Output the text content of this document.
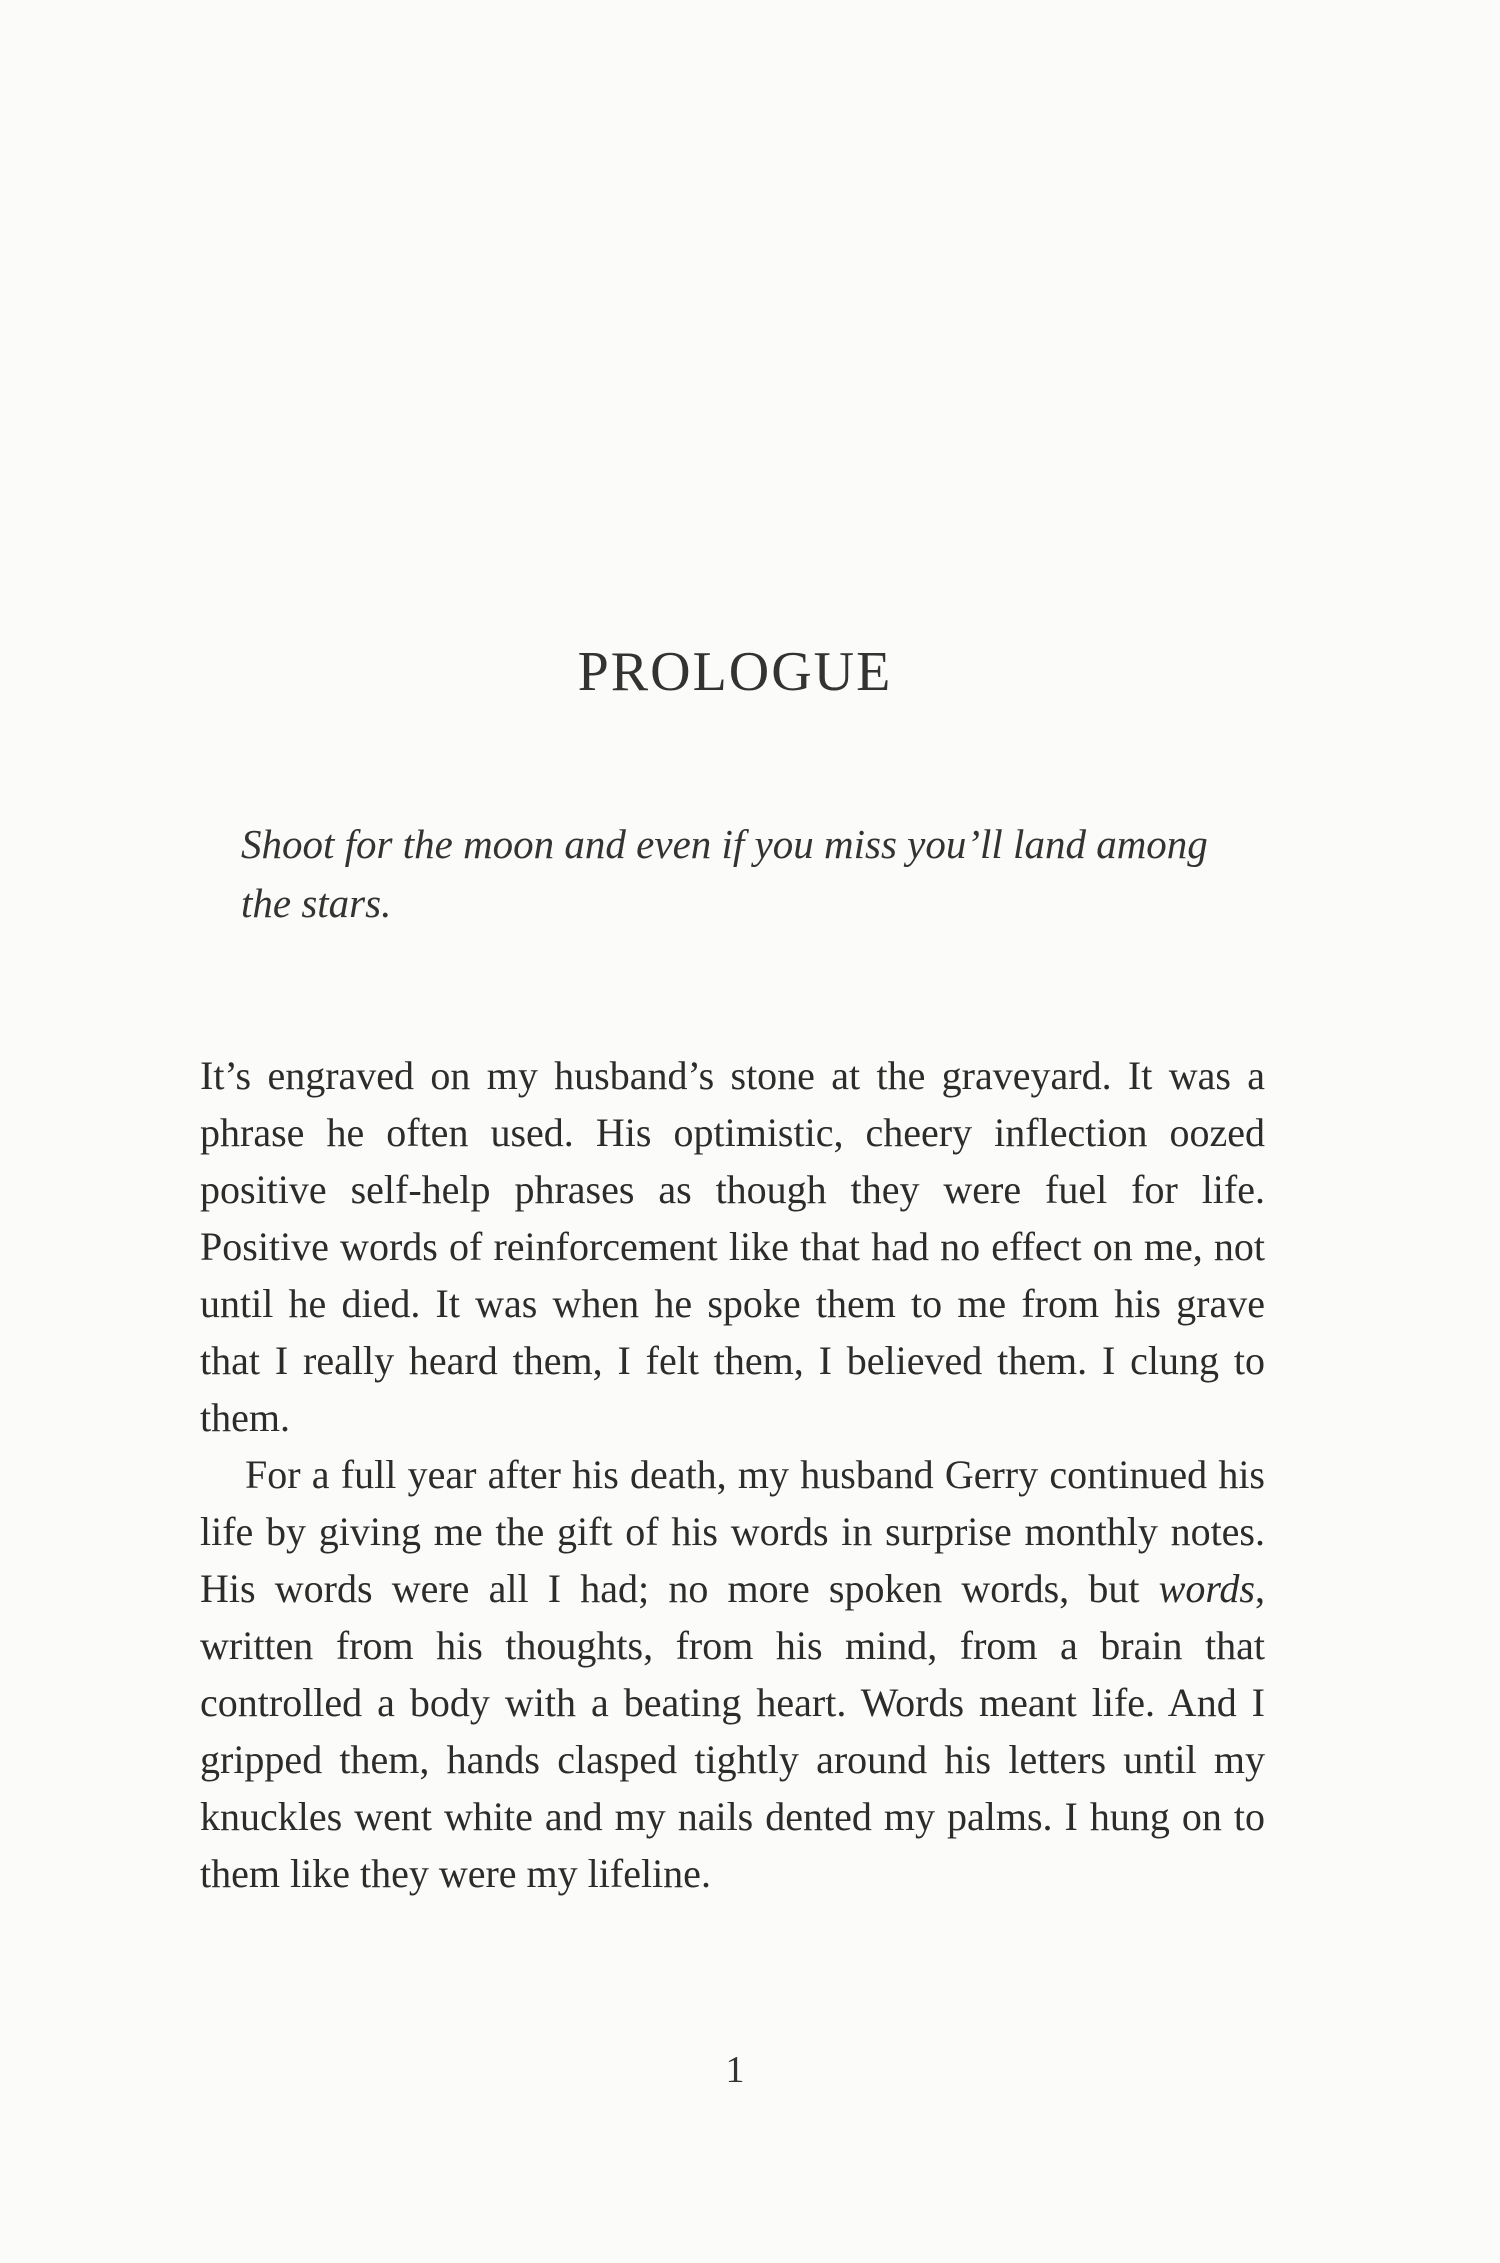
PROLOGUE

Shoot for the moon and even if you miss you’ll land among the stars.

It’s engraved on my husband’s stone at the graveyard. It was a phrase he often used. His optimistic, cheery inflection oozed positive self-help phrases as though they were fuel for life. Positive words of reinforcement like that had no effect on me, not until he died. It was when he spoke them to me from his grave that I really heard them, I felt them, I believed them. I clung to them.

For a full year after his death, my husband Gerry continued his life by giving me the gift of his words in surprise monthly notes. His words were all I had; no more spoken words, but words, written from his thoughts, from his mind, from a brain that controlled a body with a beating heart. Words meant life. And I gripped them, hands clasped tightly around his letters until my knuckles went white and my nails dented my palms. I hung on to them like they were my lifeline.

1
